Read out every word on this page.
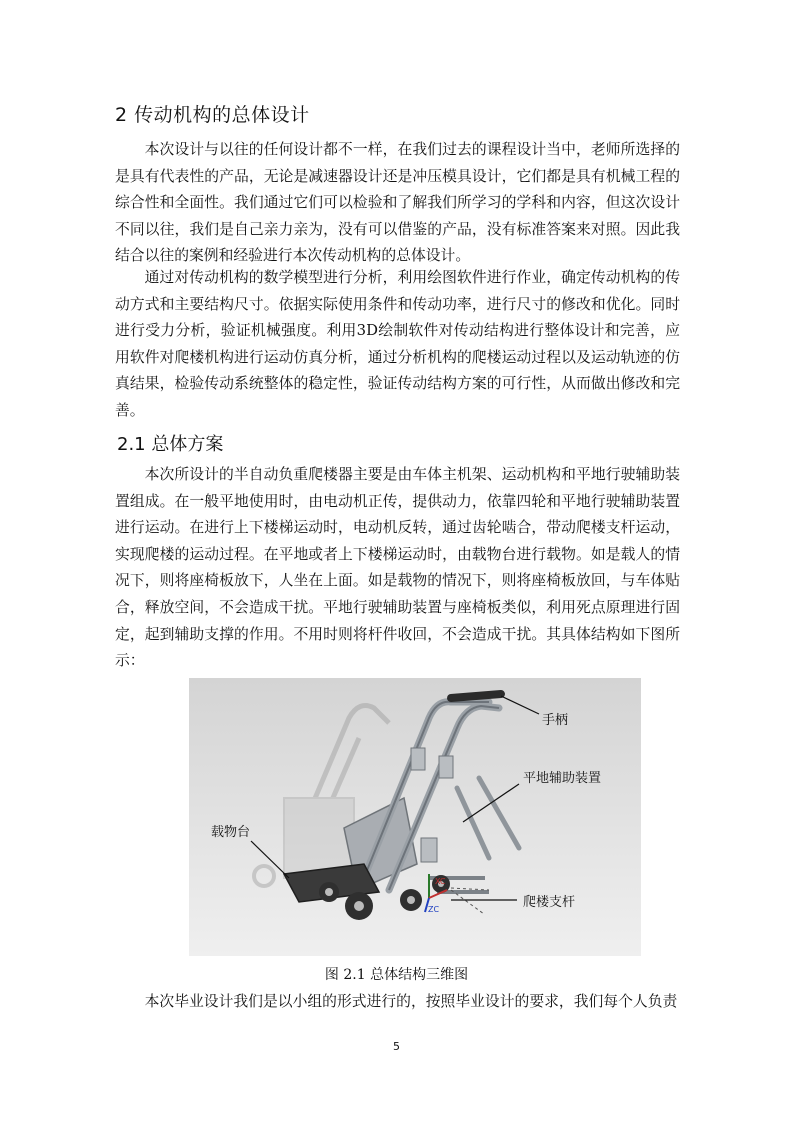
2 传动机构的总体设计

本次设计与以往的任何设计都不一样，在我们过去的课程设计当中，老师所选择的是具有代表性的产品，无论是减速器设计还是冲压模具设计，它们都是具有机械工程的综合性和全面性。我们通过它们可以检验和了解我们所学习的学科和内容，但这次设计不同以往，我们是自己亲力亲为，没有可以借鉴的产品，没有标准答案来对照。因此我结合以往的案例和经验进行本次传动机构的总体设计。

通过对传动机构的数学模型进行分析，利用绘图软件进行作业，确定传动机构的传动方式和主要结构尺寸。依据实际使用条件和传动功率，进行尺寸的修改和优化。同时进行受力分析，验证机械强度。利用3D绘制软件对传动结构进行整体设计和完善，应用软件对爬楼机构进行运动仿真分析，通过分析机构的爬楼运动过程以及运动轨迹的仿真结果，检验传动系统整体的稳定性，验证传动结构方案的可行性，从而做出修改和完善。

2.1 总体方案

本次所设计的半自动负重爬楼器主要是由车体主机架、运动机构和平地行驶辅助装置组成。在一般平地使用时，由电动机正传，提供动力，依靠四轮和平地行驶辅助装置进行运动。在进行上下楼梯运动时，电动机反转，通过齿轮啮合，带动爬楼支杆运动，实现爬楼的运动过程。在平地或者上下楼梯运动时，由载物台进行载物。如是载人的情况下，则将座椅板放下，人坐在上面。如是载物的情况下，则将座椅板放回，与车体贴合，释放空间，不会造成干扰。平地行驶辅助装置与座椅板类似，利用死点原理进行固定，起到辅助支撑的作用。不用时则将杆件收回，不会造成干扰。其具体结构如下图所示：

XC
ZC
手柄
平地辅助装置
载物台
爬楼支杆
图 2.1 总体结构三维图

本次毕业设计我们是以小组的形式进行的，按照毕业设计的要求，我们每个人负责

5
